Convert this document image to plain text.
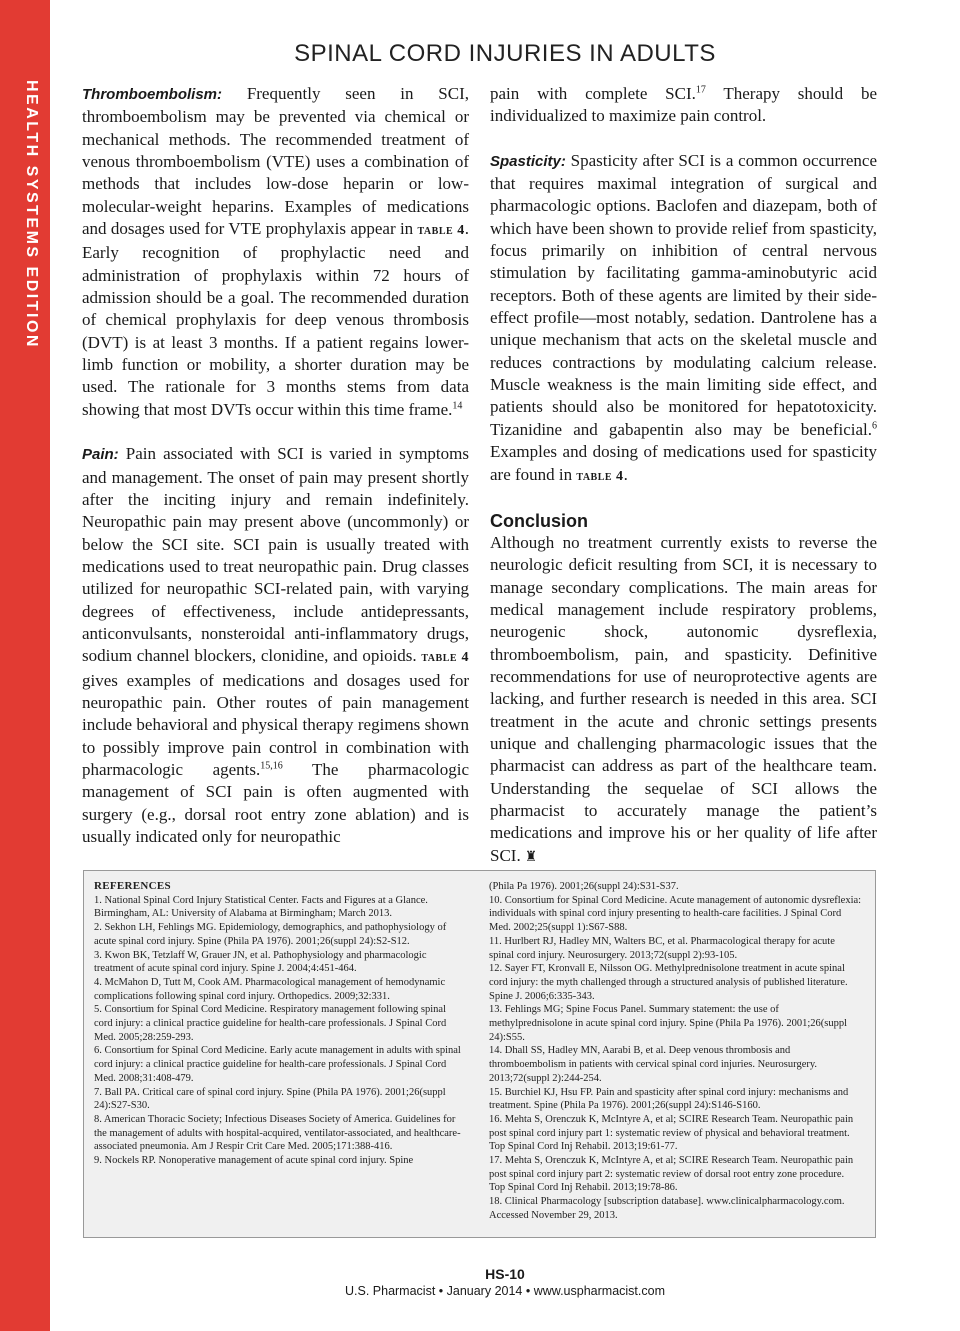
HEALTH SYSTEMS EDITION
SPINAL CORD INJURIES IN ADULTS

Thromboembolism: Frequently seen in SCI, thromboembolism may be prevented via chemical or mechanical methods. The recommended treatment of venous thromboembolism (VTE) uses a combination of methods that includes low-dose heparin or low-molecular-weight heparins. Examples of medications and dosages used for VTE prophylaxis appear in table 4. Early recognition of prophylactic need and administration of prophylaxis within 72 hours of admission should be a goal. The recommended duration of chemical prophylaxis for deep venous thrombosis (DVT) is at least 3 months. If a patient regains lower-limb function or mobility, a shorter duration may be used. The rationale for 3 months stems from data showing that most DVTs occur within this time frame.$^{14}$

Pain: Pain associated with SCI is varied in symptoms and management. The onset of pain may present shortly after the inciting injury and remain indefinitely. Neuropathic pain may present above (uncommonly) or below the SCI site. SCI pain is usually treated with medications used to treat neuropathic pain. Drug classes utilized for neuropathic SCI-related pain, with varying degrees of effectiveness, include antidepressants, anticonvulsants, nonsteroidal anti-inflammatory drugs, sodium channel blockers, clonidine, and opioids. table 4 gives examples of medications and dosages used for neuropathic pain. Other routes of pain management include behavioral and physical therapy regimens shown to possibly improve pain control in combination with pharmacologic agents.$^{15,16}$ The pharmacologic management of SCI pain is often augmented with surgery (e.g., dorsal root entry zone ablation) and is usually indicated only for neuropathic

pain with complete SCI.$^{17}$ Therapy should be individualized to maximize pain control.

Spasticity: Spasticity after SCI is a common occurrence that requires maximal integration of surgical and pharmacologic options. Baclofen and diazepam, both of which have been shown to provide relief from spasticity, focus primarily on inhibition of central nervous stimulation by facilitating gamma-aminobutyric acid receptors. Both of these agents are limited by their side-effect profile—most notably, sedation. Dantrolene has a unique mechanism that acts on the skeletal muscle and reduces contractions by modulating calcium release. Muscle weakness is the main limiting side effect, and patients should also be monitored for hepatotoxicity. Tizanidine and gabapentin also may be beneficial.$^6$ Examples and dosing of medications used for spasticity are found in table 4.

Conclusion

Although no treatment currently exists to reverse the neurologic deficit resulting from SCI, it is necessary to manage secondary complications. The main areas for medical management include respiratory problems, neurogenic shock, autonomic dysreflexia, thromboembolism, pain, and spasticity. Definitive recommendations for use of neuroprotective agents are lacking, and further research is needed in this area. SCI treatment in the acute and chronic settings presents unique and challenging pharmacologic issues that the pharmacist can address as part of the healthcare team. Understanding the sequelae of SCI allows the pharmacist to accurately manage the patient’s medications and improve his or her quality of life after SCI. ♜

REFERENCES
1. National Spinal Cord Injury Statistical Center. Facts and Figures at a Glance. Birmingham, AL: University of Alabama at Birmingham; March 2013.
2. Sekhon LH, Fehlings MG. Epidemiology, demographics, and pathophysiology of acute spinal cord injury. Spine (Phila PA 1976). 2001;26(suppl 24):S2-S12.
3. Kwon BK, Tetzlaff W, Grauer JN, et al. Pathophysiology and pharmacologic treatment of acute spinal cord injury. Spine J. 2004;4:451-464.
4. McMahon D, Tutt M, Cook AM. Pharmacological management of hemodynamic complications following spinal cord injury. Orthopedics. 2009;32:331.
5. Consortium for Spinal Cord Medicine. Respiratory management following spinal cord injury: a clinical practice guideline for health-care professionals. J Spinal Cord Med. 2005;28:259-293.
6. Consortium for Spinal Cord Medicine. Early acute management in adults with spinal cord injury: a clinical practice guideline for health-care professionals. J Spinal Cord Med. 2008;31:408-479.
7. Ball PA. Critical care of spinal cord injury. Spine (Phila PA 1976). 2001;26(suppl 24):S27-S30.
8. American Thoracic Society; Infectious Diseases Society of America. Guidelines for the management of adults with hospital-acquired, ventilator-associated, and healthcare-associated pneumonia. Am J Respir Crit Care Med. 2005;171:388-416.
9. Nockels RP. Nonoperative management of acute spinal cord injury. Spine
(Phila Pa 1976). 2001;26(suppl 24):S31-S37.
10. Consortium for Spinal Cord Medicine. Acute management of autonomic dysreflexia: individuals with spinal cord injury presenting to health-care facilities. J Spinal Cord Med. 2002;25(suppl 1):S67-S88.
11. Hurlbert RJ, Hadley MN, Walters BC, et al. Pharmacological therapy for acute spinal cord injury. Neurosurgery. 2013;72(suppl 2):93-105.
12. Sayer FT, Kronvall E, Nilsson OG. Methylprednisolone treatment in acute spinal cord injury: the myth challenged through a structured analysis of published literature. Spine J. 2006;6:335-343.
13. Fehlings MG; Spine Focus Panel. Summary statement: the use of methylprednisolone in acute spinal cord injury. Spine (Phila Pa 1976). 2001;26(suppl 24):S55.
14. Dhall SS, Hadley MN, Aarabi B, et al. Deep venous thrombosis and thromboembolism in patients with cervical spinal cord injuries. Neurosurgery. 2013;72(suppl 2):244-254.
15. Burchiel KJ, Hsu FP. Pain and spasticity after spinal cord injury: mechanisms and treatment. Spine (Phila Pa 1976). 2001;26(suppl 24):S146-S160.
16. Mehta S, Orenczuk K, McIntyre A, et al; SCIRE Research Team. Neuropathic pain post spinal cord injury part 1: systematic review of physical and behavioral treatment. Top Spinal Cord Inj Rehabil. 2013;19:61-77.
17. Mehta S, Orenczuk K, McIntyre A, et al; SCIRE Research Team. Neuropathic pain post spinal cord injury part 2: systematic review of dorsal root entry zone procedure. Top Spinal Cord Inj Rehabil. 2013;19:78-86.
18. Clinical Pharmacology [subscription database]. www.clinicalpharmacology.com. Accessed November 29, 2013.
HS-10
U.S. Pharmacist • January 2014 • www.uspharmacist.com
